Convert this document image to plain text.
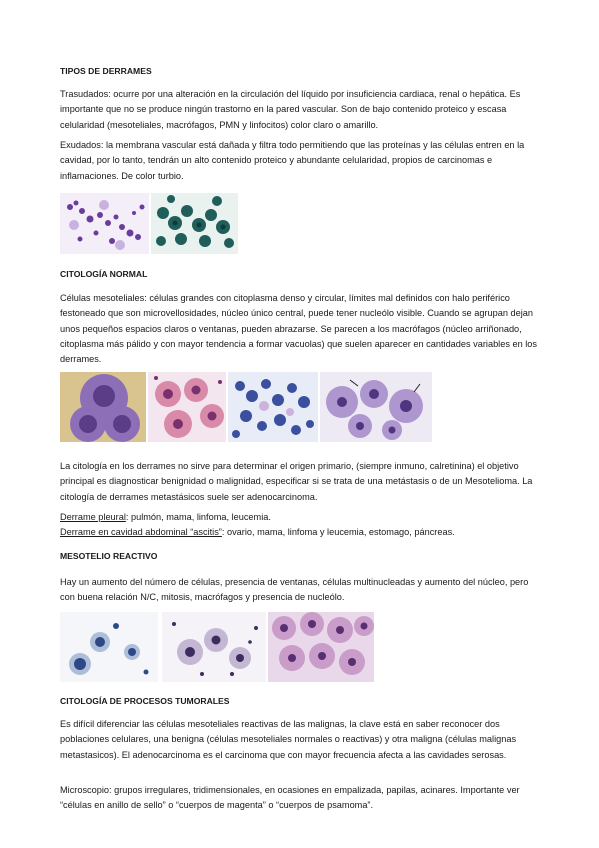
TIPOS DE DERRAMES

Trasudados: ocurre por una alteración en la circulación del líquido por insuficiencia cardiaca, renal o hepática. Es importante que no se produce ningún trastorno en la pared vascular. Son de bajo contenido proteico y escasa celularidad (mesoteliales, macrófagos, PMN y linfocitos) color claro o amarillo.

Exudados: la membrana vascular está dañada y filtra todo permitiendo que las proteínas y las células entren en la cavidad, por lo tanto, tendrán un alto contenido proteico y abundante celularidad, propios de carcinomas e inflamaciones. De color turbio.

CITOLOGÍA NORMAL

Células mesoteliales: células grandes con citoplasma denso y circular, límites mal definidos con halo periférico festoneado que son microvellosidades, núcleo único central, puede tener nucleólo visible. Cuando se agrupan dejan unos pequeños espacios claros o ventanas, pueden abrazarse. Se parecen a los macrófagos (núcleo arriñonado, citoplasma más pálido y con mayor tendencia a formar vacuolas) que suelen aparecer en cantidades variables en los derrames.

La citología en los derrames no sirve para determinar el origen primario, (siempre inmuno, calretinina) el objetivo principal es diagnosticar benignidad o malignidad, especificar si se trata de una metástasis o de un Mesotelioma. La citología de derrames metastásicos suele ser adenocarcinoma.

Derrame pleural: pulmón, mama, linfoma, leucemia.

Derrame en cavidad abdominal “ascitis”: ovario, mama, linfoma y leucemia, estomago, páncreas.

MESOTELIO REACTIVO

Hay un aumento del número de células, presencia de ventanas, células multinucleadas y aumento del núcleo, pero con buena relación N/C, mitosis, macrófagos y presencia de nucleólo.

CITOLOGÍA DE PROCESOS TUMORALES

Es difícil diferenciar las células mesoteliales reactivas de las malignas, la clave está en saber reconocer dos poblaciones celulares, una benigna (células mesoteliales normales o reactivas) y otra maligna (células malignas metastasicos). El adenocarcinoma es el carcinoma que con mayor frecuencia afecta a las cavidades serosas.

Microscopio: grupos irregulares, tridimensionales, en ocasiones en empalizada, papilas, acinares. Importante ver “células en anillo de sello” o “cuerpos de magenta” o “cuerpos de psamoma”.
